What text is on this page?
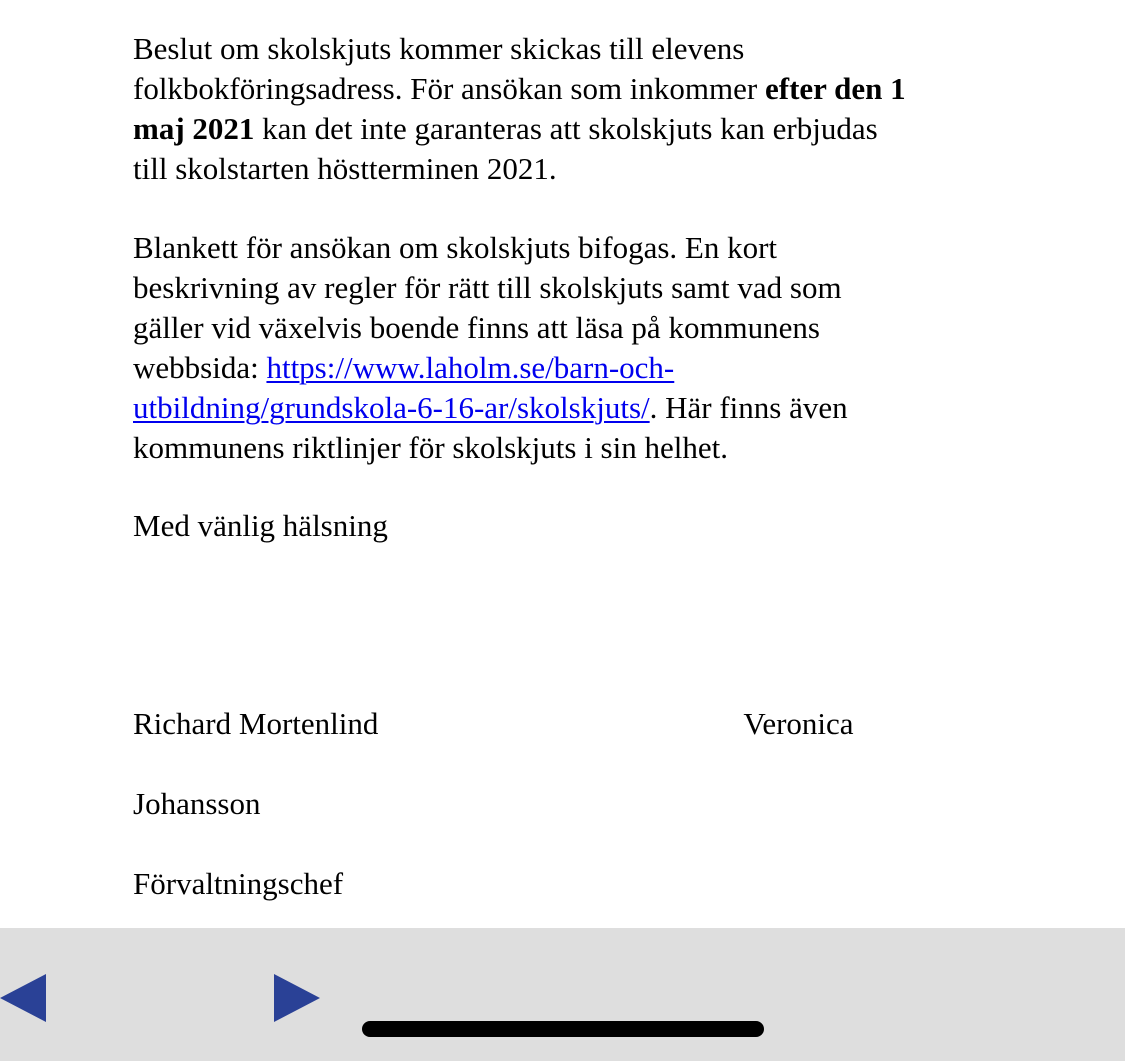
Beslut om skolskjuts kommer skickas till elevens
folkbokföringsadress. För ansökan som inkommer efter den 1
maj 2021 kan det inte garanteras att skolskjuts kan erbjudas
till skolstarten höstterminen 2021.

Blankett för ansökan om skolskjuts bifogas. En kort
beskrivning av regler för rätt till skolskjuts samt vad som
gäller vid växelvis boende finns att läsa på kommunens
webbsida: https://www.laholm.se/barn-och-
utbildning/grundskola-6-16-ar/skolskjuts/. Här finns även
kommunens riktlinjer för skolskjuts i sin helhet.

Med vänlig hälsning

Richard Mortenlind	Veronica

Johansson

Förvaltningschef
